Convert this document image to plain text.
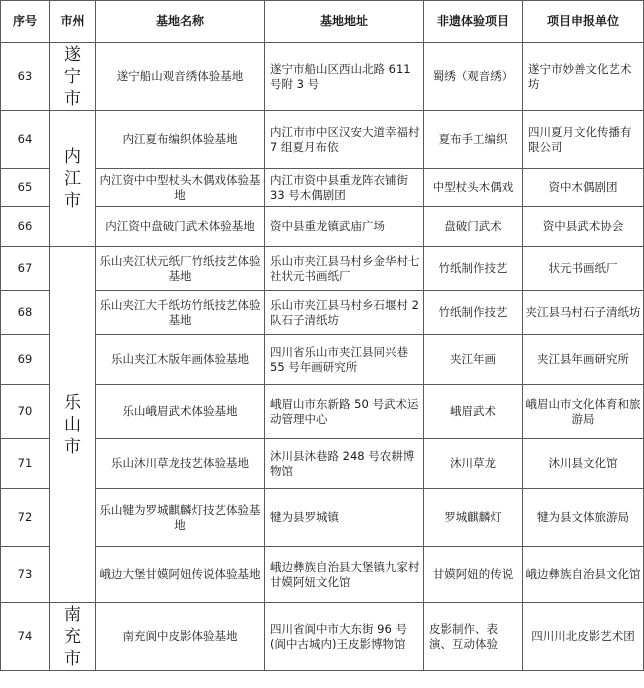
序号	市州	基地名称	基地地址	非遗体验项目	项目申报单位
63	遂宁市	遂宁船山观音绣体验基地	遂宁市船山区西山北路 611 号附 3 号	蜀绣（观音绣）	遂宁市妙善文化艺术坊
64	内江市	内江夏布编织体验基地	内江市市中区汉安大道幸福村 7 组夏月布依	夏布手工编织	四川夏月文化传播有限公司
65		内江资中中型杖头木偶戏体验基地	内江市资中县重龙阵衣铺街 33 号木偶剧团	中型杖头木偶戏	资中木偶剧团
66		内江资中盘破门武术体验基地	资中县重龙镇武庙广场	盘破门武术	资中县武术协会
67	乐山市	乐山夹江状元纸厂竹纸技艺体验基地	乐山市夹江县马村乡金华村七社状元书画纸厂	竹纸制作技艺	状元书画纸厂
68		乐山夹江大千纸坊竹纸技艺体验基地	乐山市夹江县马村乡石堰村 2 队石子清纸坊	竹纸制作技艺	夹江县马村石子清纸坊
69		乐山夹江木版年画体验基地	四川省乐山市夹江县同兴巷 55 号年画研究所	夹江年画	夹江县年画研究所
70		乐山峨眉武术体验基地	峨眉山市东新路 50 号武术运动管理中心	峨眉武术	峨眉山市文化体育和旅游局
71		乐山沐川草龙技艺体验基地	沐川县沐巷路 248 号农耕博物馆	沐川草龙	沐川县文化馆
72		乐山犍为罗城麒麟灯技艺体验基地	犍为县罗城镇	罗城麒麟灯	犍为县文体旅游局
73		峨边大堡甘嫫阿妞传说体验基地	峨边彝族自治县大堡镇九家村甘嫫阿妞文化馆	甘嫫阿妞的传说	峨边彝族自治县文化馆
74	南充市	南充阆中皮影体验基地	四川省阆中市大东街 96 号(阆中古城内)王皮影博物馆	皮影制作、表演、互动体验	四川川北皮影艺术团
